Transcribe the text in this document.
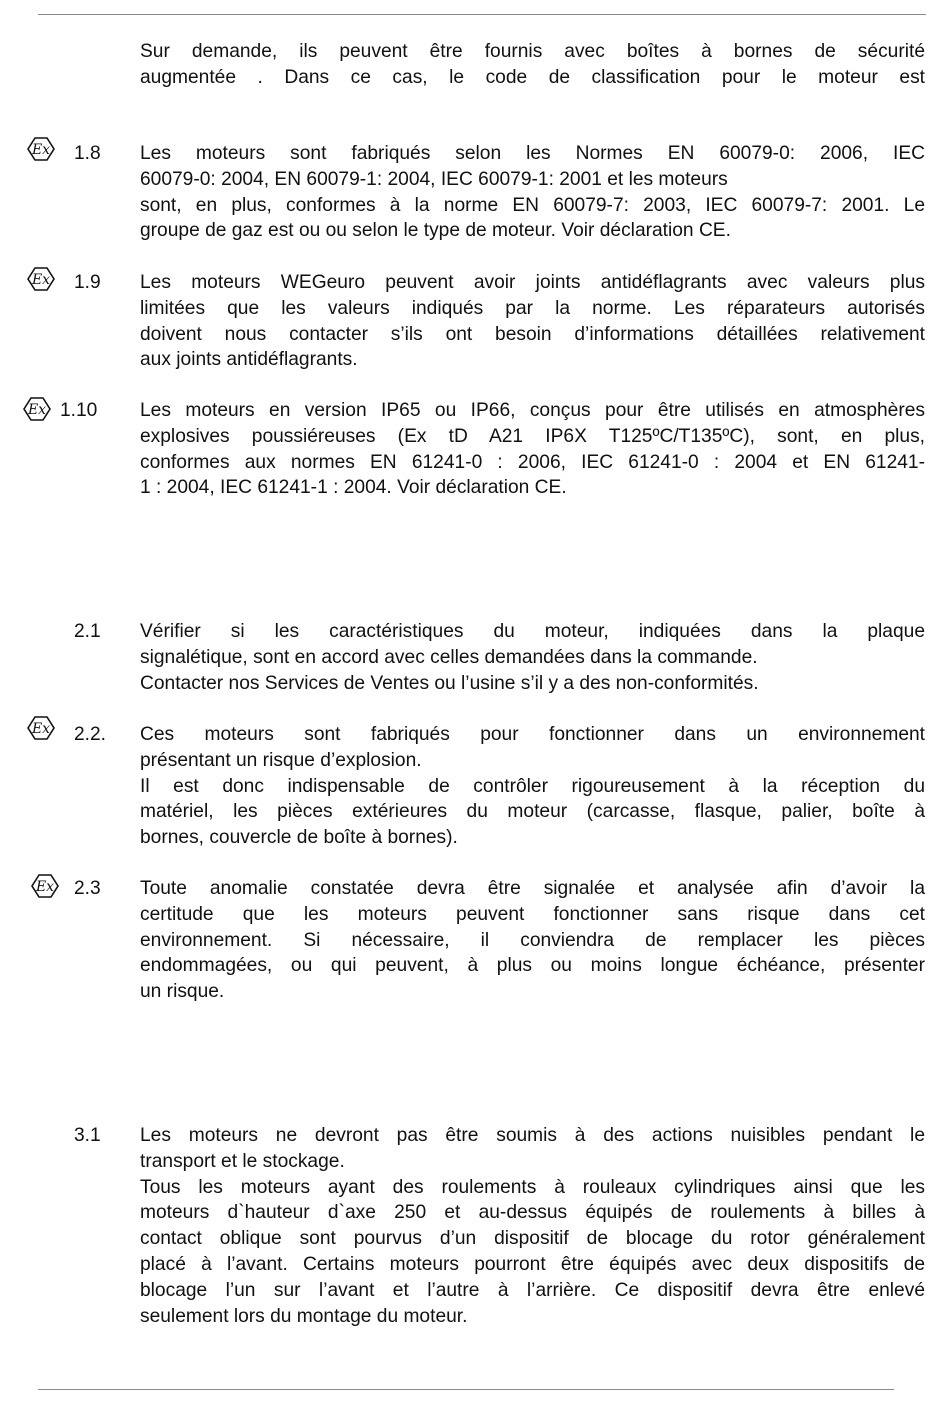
Sur demande, ils peuvent être fournis avec boîtes à bornes de sécurité
augmentée . Dans ce cas, le code de classification pour le moteur est
Ex 1.8 Les moteurs sont fabriqués selon les Normes EN 60079-0: 2006, IEC
60079-0: 2004, EN 60079-1: 2004, IEC 60079-1: 2001 et les moteurs
sont, en plus, conformes à la norme EN 60079-7: 2003, IEC 60079-7: 2001. Le
groupe de gaz est ou ou selon le type de moteur. Voir déclaration CE.
Ex 1.9 Les moteurs WEGeuro peuvent avoir joints antidéflagrants avec valeurs plus
limitées que les valeurs indiqués par la norme. Les réparateurs autorisés
doivent nous contacter s’ils ont besoin d’informations détaillées relativement
aux joints antidéflagrants.
Ex 1.10 Les moteurs en version IP65 ou IP66, conçus pour être utilisés en atmosphères
explosives poussiéreuses (Ex tD A21 IP6X T125ºC/T135ºC), sont, en plus,
conformes aux normes EN 61241-0 : 2006, IEC 61241-0 : 2004 et EN 61241-
1 : 2004, IEC 61241-1 : 2004. Voir déclaration CE.
2.1 Vérifier si les caractéristiques du moteur, indiquées dans la plaque
signalétique, sont en accord avec celles demandées dans la commande.
Contacter nos Services de Ventes ou l’usine s’il y a des non-conformités.
Ex 2.2. Ces moteurs sont fabriqués pour fonctionner dans un environnement
présentant un risque d’explosion.
Il est donc indispensable de contrôler rigoureusement à la réception du
matériel, les pièces extérieures du moteur (carcasse, flasque, palier, boîte à
bornes, couvercle de boîte à bornes).
Ex 2.3 Toute anomalie constatée devra être signalée et analysée afin d’avoir la
certitude que les moteurs peuvent fonctionner sans risque dans cet
environnement. Si nécessaire, il conviendra de remplacer les pièces
endommagées, ou qui peuvent, à plus ou moins longue échéance, présenter
un risque.
3.1 Les moteurs ne devront pas être soumis à des actions nuisibles pendant le
transport et le stockage.
Tous les moteurs ayant des roulements à rouleaux cylindriques ainsi que les
moteurs d`hauteur d`axe 250 et au-dessus équipés de roulements à billes à
contact oblique sont pourvus d’un dispositif de blocage du rotor généralement
placé à l’avant. Certains moteurs pourront être équipés avec deux dispositifs de
blocage l’un sur l’avant et l’autre à l’arrière. Ce dispositif devra être enlevé
seulement lors du montage du moteur.
